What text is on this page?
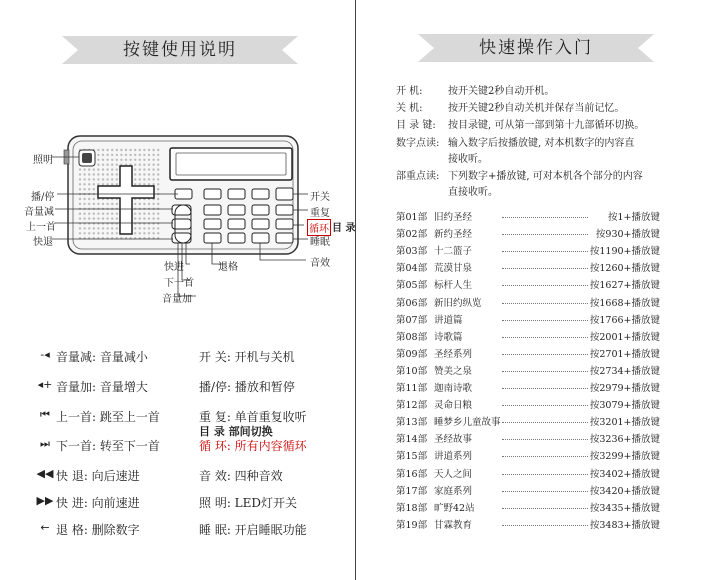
按键使用说明	快速操作入门
照明
播/停
音量减
上一首
快退
开关
重复
循环 目 录
睡眠
快进	退格
下一首
音量加
音效
-◂ 音量减: 音量减小
◂+ 音量加: 音量增大
⏮ 上一首: 跳至上一首
⏭ 下一首: 转至下一首
◀◀ 快 退: 向后速进
▶▶ 快 进: 向前速进
← 退 格: 删除数字
开 关: 开机与关机
播/停: 播放和暂停
重 复: 单首重复收听
目 录 部间切换
循 环: 所有内容循环
音 效: 四种音效
照 明: LED灯开关
睡 眠: 开启睡眠功能
开 机:	按开关键2秒自动开机。
关 机:	按开关键2秒自动关机并保存当前记忆。
目 录 键: 按目录键, 可从第一部到第十九部循环切换。
数字点读: 输入数字后按播放键, 对本机数字的内容直
接收听。
部重点读: 下列数字+播放键, 可对本机各个部分的内容
直接收听。
第01部 旧约圣经	按1+播放键
第02部 新约圣经	按930+播放键
第03部 十二篮子	按1190+播放键
第04部 荒漠甘泉	按1260+播放键
第05部 标杆人生	按1627+播放键
第06部 新旧约纵览	按1668+播放键
第07部 讲道篇	按1766+播放键
第08部 诗歌篇	按2001+播放键
第09部 圣经系列	按2701+播放键
第10部 赞美之泉	按2734+播放键
第11部 迦南诗歌	按2979+播放键
第12部 灵命日粮	按3079+播放键
第13部 睡梦乡儿童故事	按3201+播放键
第14部 圣经故事	按3236+播放键
第15部 讲道系列	按3299+播放键
第16部 天人之间	按3402+播放键
第17部 家庭系列	按3420+播放键
第18部 旷野42站	按3435+播放键
第19部 甘霖教育	按3483+播放键
